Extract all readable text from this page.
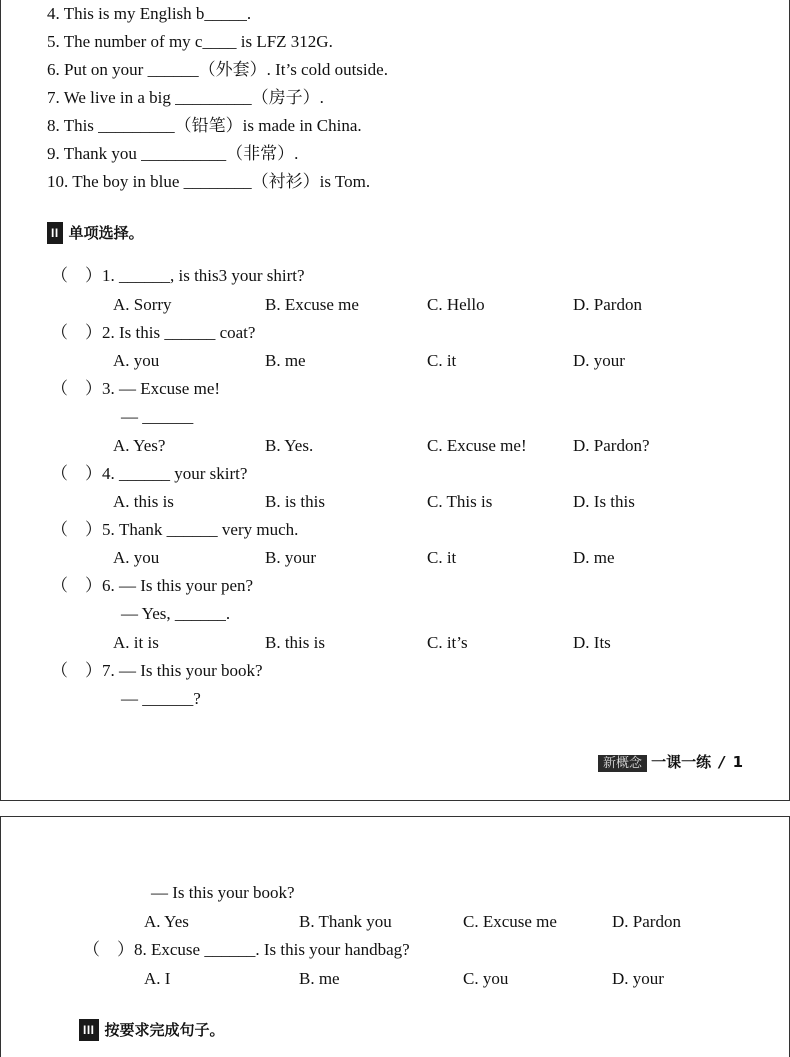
4. This is my English b_____.
5. The number of my c____ is LFZ 312G.
6. Put on your ______（外套）. It’s cold outside.
7. We live in a big _________（房子）.
8. This _________（铅笔）is made in China.
9. Thank you __________（非常）.
10. The boy in blue ________（衬衫）is Tom.
II 单项选择。
（　）1. ______, is this3 your shirt?
A. Sorry	B. Excuse me	C. Hello	D. Pardon
（　）2. Is this ______ coat?
A. you	B. me	C. it	D. your
（　）3. — Excuse me!
— ______
A. Yes?	B. Yes.	C. Excuse me!	D. Pardon?
（　）4. ______ your skirt?
A. this is	B. is this	C. This is	D. Is this
（　）5. Thank ______ very much.
A. you	B. your	C. it	D. me
（　）6. — Is this your pen?
— Yes, ______.
A. it is	B. this is	C. it’s	D. Its
（　）7. — Is this your book?
— ______?
新概念 一课一练 / 1
— Is this your book?
A. Yes	B. Thank you	C. Excuse me	D. Pardon
（　）8. Excuse ______. Is this your handbag?
A. I	B. me	C. you	D. your
III 按要求完成句子。
